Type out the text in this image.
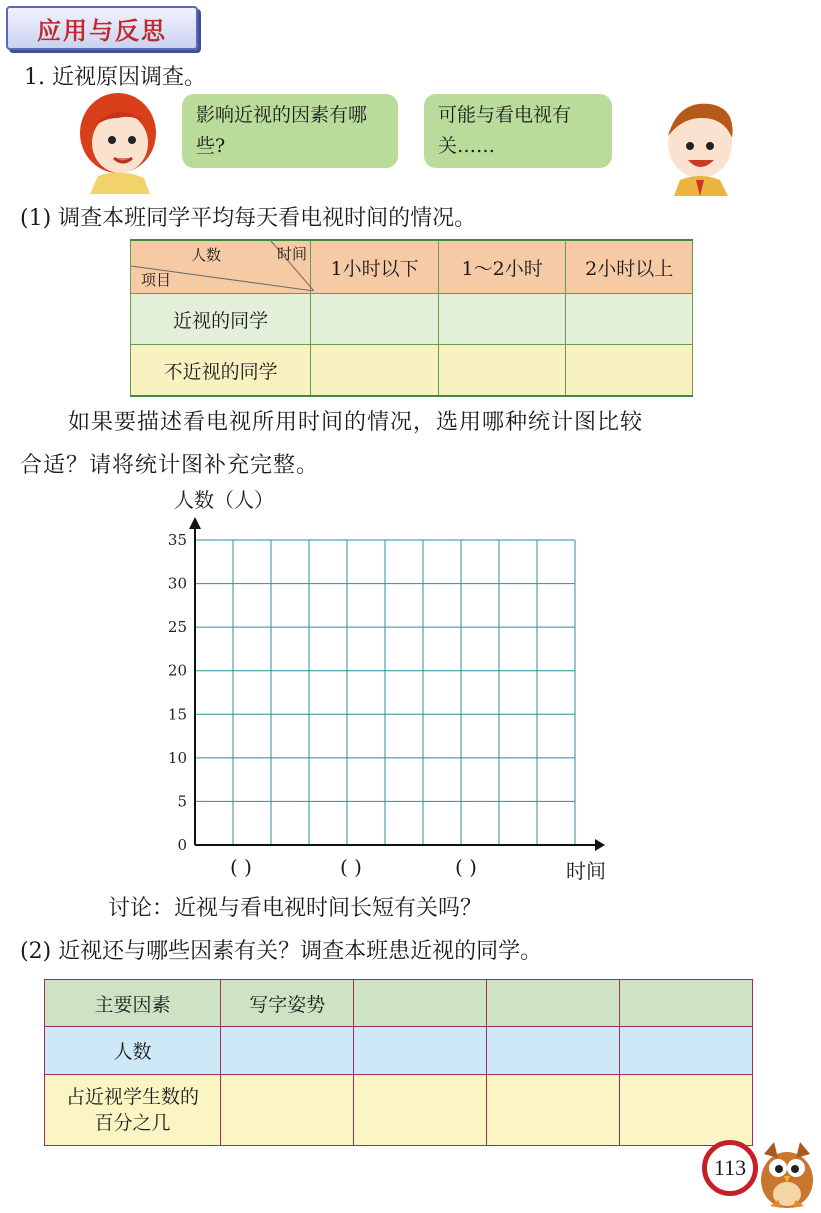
应用与反思
1. 近视原因调查。
影响近视的因素有哪些?
可能与看电视有关……
(1) 调查本班同学平均每天看电视时间的情况。
人数 时间
项目	1小时以下	1～2小时	2小时以上
近视的同学			
不近视的同学			
如果要描述看电视所用时间的情况，选用哪种统计图比较
合适？请将统计图补充完整。
人数（人）
0
5
10
15
20
25
30
35
时间
( )	( )	( )
讨论：近视与看电视时间长短有关吗？
(2) 近视还与哪些因素有关？调查本班患近视的同学。
主要因素	写字姿势			
人数				
占近视学生数的百分之几				
113
